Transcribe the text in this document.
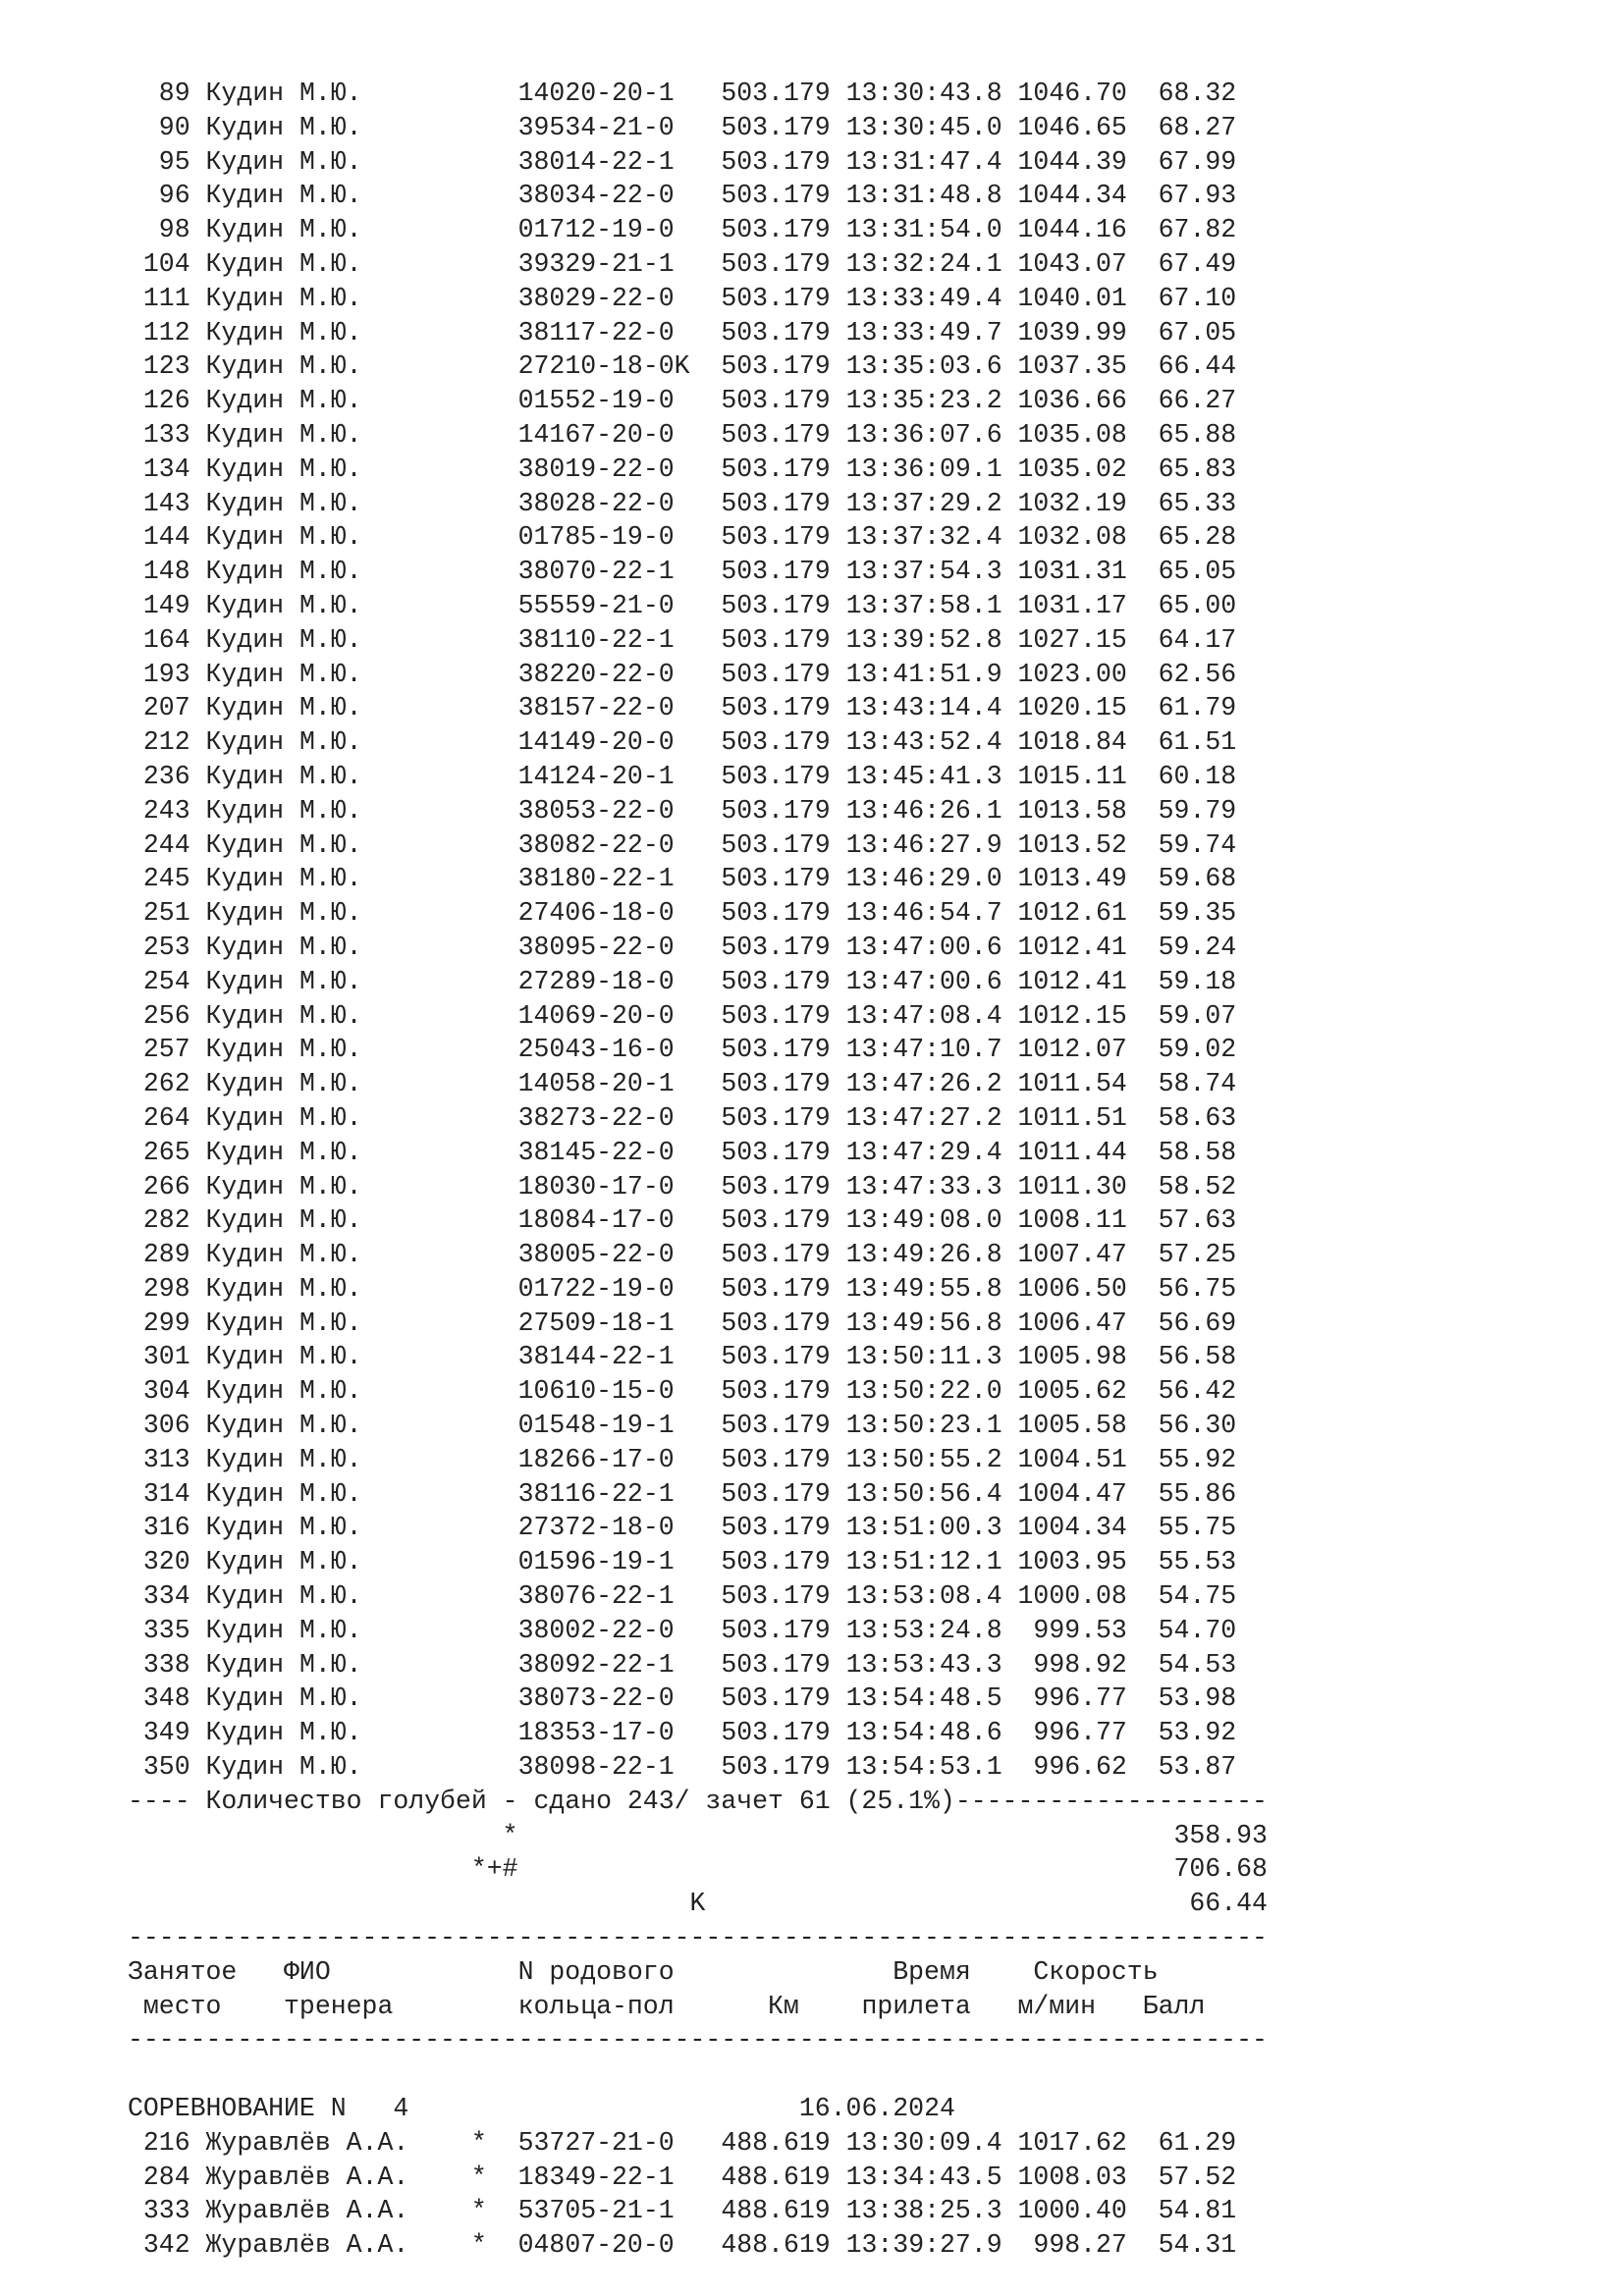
89 Кудин М.Ю.          14020-20-1   503.179 13:30:43.8 1046.70 68.32
90 Кудин М.Ю.          39534-21-0   503.179 13:30:45.0 1046.65 68.27
95 Кудин М.Ю.          38014-22-1   503.179 13:31:47.4 1044.39 67.99
96 Кудин М.Ю.          38034-22-0   503.179 13:31:48.8 1044.34 67.93
98 Кудин М.Ю.          01712-19-0   503.179 13:31:54.0 1044.16 67.82
104 Кудин М.Ю.          39329-21-1   503.179 13:32:24.1 1043.07 67.49
111 Кудин М.Ю.          38029-22-0   503.179 13:33:49.4 1040.01 67.10
112 Кудин М.Ю.          38117-22-0   503.179 13:33:49.7 1039.99 67.05
123 Кудин М.Ю.          27210-18-0K  503.179 13:35:03.6 1037.35 66.44
126 Кудин М.Ю.          01552-19-0   503.179 13:35:23.2 1036.66 66.27
133 Кудин М.Ю.          14167-20-0   503.179 13:36:07.6 1035.08 65.88
134 Кудин М.Ю.          38019-22-0   503.179 13:36:09.1 1035.02 65.83
143 Кудин М.Ю.          38028-22-0   503.179 13:37:29.2 1032.19 65.33
144 Кудин М.Ю.          01785-19-0   503.179 13:37:32.4 1032.08 65.28
148 Кудин М.Ю.          38070-22-1   503.179 13:37:54.3 1031.31 65.05
149 Кудин М.Ю.          55559-21-0   503.179 13:37:58.1 1031.17 65.00
164 Кудин М.Ю.          38110-22-1   503.179 13:39:52.8 1027.15 64.17
193 Кудин М.Ю.          38220-22-0   503.179 13:41:51.9 1023.00 62.56
207 Кудин М.Ю.          38157-22-0   503.179 13:43:14.4 1020.15 61.79
212 Кудин М.Ю.          14149-20-0   503.179 13:43:52.4 1018.84 61.51
236 Кудин М.Ю.          14124-20-1   503.179 13:45:41.3 1015.11 60.18
243 Кудин М.Ю.          38053-22-0   503.179 13:46:26.1 1013.58 59.79
244 Кудин М.Ю.          38082-22-0   503.179 13:46:27.9 1013.52 59.74
245 Кудин М.Ю.          38180-22-1   503.179 13:46:29.0 1013.49 59.68
251 Кудин М.Ю.          27406-18-0   503.179 13:46:54.7 1012.61 59.35
253 Кудин М.Ю.          38095-22-0   503.179 13:47:00.6 1012.41 59.24
254 Кудин М.Ю.          27289-18-0   503.179 13:47:00.6 1012.41 59.18
256 Кудин М.Ю.          14069-20-0   503.179 13:47:08.4 1012.15 59.07
257 Кудин М.Ю.          25043-16-0   503.179 13:47:10.7 1012.07 59.02
262 Кудин М.Ю.          14058-20-1   503.179 13:47:26.2 1011.54 58.74
264 Кудин М.Ю.          38273-22-0   503.179 13:47:27.2 1011.51 58.63
265 Кудин М.Ю.          38145-22-0   503.179 13:47:29.4 1011.44 58.58
266 Кудин М.Ю.          18030-17-0   503.179 13:47:33.3 1011.30 58.52
282 Кудин М.Ю.          18084-17-0   503.179 13:49:08.0 1008.11 57.63
289 Кудин М.Ю.          38005-22-0   503.179 13:49:26.8 1007.47 57.25
298 Кудин М.Ю.          01722-19-0   503.179 13:49:55.8 1006.50 56.75
299 Кудин М.Ю.          27509-18-1   503.179 13:49:56.8 1006.47 56.69
301 Кудин М.Ю.          38144-22-1   503.179 13:50:11.3 1005.98 56.58
304 Кудин М.Ю.          10610-15-0   503.179 13:50:22.0 1005.62 56.42
306 Кудин М.Ю.          01548-19-1   503.179 13:50:23.1 1005.58 56.30
313 Кудин М.Ю.          18266-17-0   503.179 13:50:55.2 1004.51 55.92
314 Кудин М.Ю.          38116-22-1   503.179 13:50:56.4 1004.47 55.86
316 Кудин М.Ю.          27372-18-0   503.179 13:51:00.3 1004.34 55.75
320 Кудин М.Ю.          01596-19-1   503.179 13:51:12.1 1003.95 55.53
334 Кудин М.Ю.          38076-22-1   503.179 13:53:08.4 1000.08 54.75
335 Кудин М.Ю.          38002-22-0   503.179 13:53:24.8  999.53 54.70
338 Кудин М.Ю.          38092-22-1   503.179 13:53:43.3  998.92 54.53
348 Кудин М.Ю.          38073-22-0   503.179 13:54:48.5  996.77 53.98
349 Кудин М.Ю.          18353-17-0   503.179 13:54:48.6  996.77 53.92
350 Кудин М.Ю.          38098-22-1   503.179 13:54:53.1  996.62 53.87
---- Количество голубей - сдано 243/ зачет 61 (25.1%)--------------------
*	358.93
*+#	706.68
K	66.44
-------------------------------------------------------------------------
Занятое   ФИО            N родового              Время    Скорость
место    тренера        кольца-пол      Км    прилета   м/мин   Балл
-------------------------------------------------------------------------

СОРЕВНОВАНИЕ N   4	16.06.2024
216 Журавлёв А.А.    *  53727-21-0   488.619 13:30:09.4 1017.62 61.29
284 Журавлёв А.А.    *  18349-22-1   488.619 13:34:43.5 1008.03 57.52
333 Журавлёв А.А.    *  53705-21-1   488.619 13:38:25.3 1000.40 54.81
342 Журавлёв А.А.    *  04807-20-0   488.619 13:39:27.9  998.27 54.31
